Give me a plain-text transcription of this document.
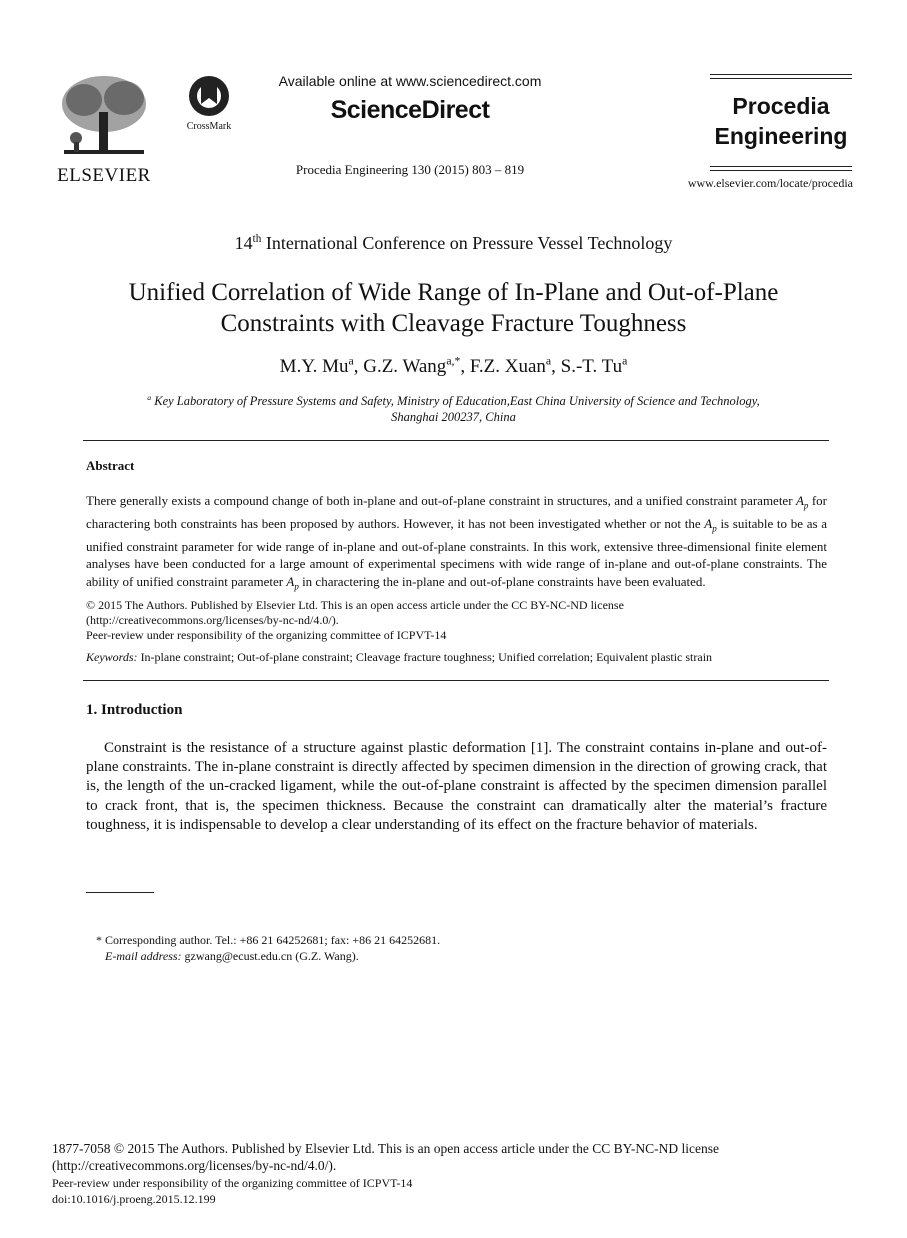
ELSEVIER
CrossMark
Available online at www.sciencedirect.com
ScienceDirect
Procedia Engineering 130 (2015) 803 – 819
Procedia
Engineering
www.elsevier.com/locate/procedia
14th International Conference on Pressure Vessel Technology
Unified Correlation of Wide Range of In-Plane and Out-of-Plane
Constraints with Cleavage Fracture Toughness
M.Y. Mu$^a$, G.Z. Wang$^{a,*}$, F.Z. Xuan$^a$, S.-T. Tu$^a$
$^a$ Key Laboratory of Pressure Systems and Safety, Ministry of Education,East China University of Science and Technology,
Shanghai 200237, China
Abstract
There generally exists a compound change of both in-plane and out-of-plane constraint in structures, and a unified constraint parameter $A_p$ for charactering both constraints has been proposed by authors. However, it has not been investigated whether or not the $A_p$ is suitable to be as a unified constraint parameter for wide range of in-plane and out-of-plane constraints. In this work, extensive three-dimensional finite element analyses have been conducted for a large amount of experimental specimens with wide range of in-plane and out-of-plane constraints. The ability of unified constraint parameter $A_p$ in charactering the in-plane and out-of-plane constraints have been evaluated.
© 2015 The Authors. Published by Elsevier Ltd. This is an open access article under the CC BY-NC-ND license
(http://creativecommons.org/licenses/by-nc-nd/4.0/).
Peer-review under responsibility of the organizing committee of ICPVT-14
Keywords: In-plane constraint; Out-of-plane constraint; Cleavage fracture toughness; Unified correlation; Equivalent plastic strain
1. Introduction
Constraint is the resistance of a structure against plastic deformation [1]. The constraint contains in-plane and out-of-plane constraints. The in-plane constraint is directly affected by specimen dimension in the direction of growing crack, that is, the length of the un-cracked ligament, while the out-of-plane constraint is affected by the specimen dimension parallel to crack front, that is, the specimen thickness. Because the constraint can dramatically alter the material’s fracture toughness, it is indispensable to develop a clear understanding of its effect on the fracture behavior of materials.
* Corresponding author. Tel.: +86 21 64252681; fax: +86 21 64252681.
E-mail address: gzwang@ecust.edu.cn (G.Z. Wang).
1877-7058 © 2015 The Authors. Published by Elsevier Ltd. This is an open access article under the CC BY-NC-ND license
(http://creativecommons.org/licenses/by-nc-nd/4.0/).
Peer-review under responsibility of the organizing committee of ICPVT-14
doi:10.1016/j.proeng.2015.12.199
